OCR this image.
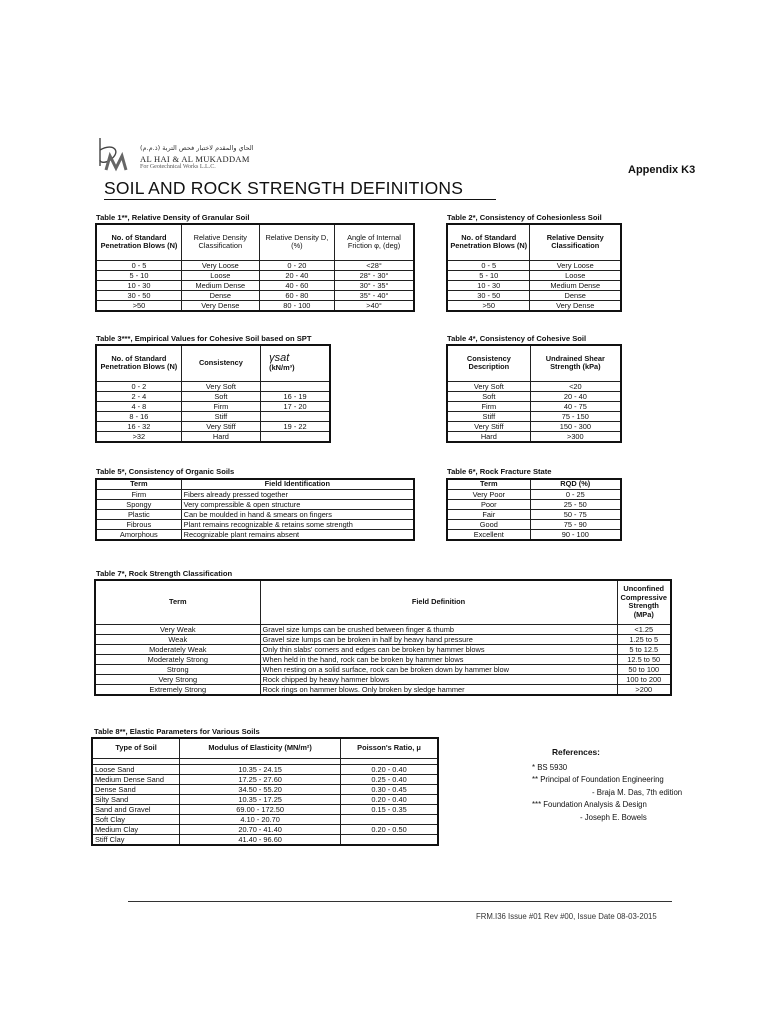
الحاي والمقدم لاختبار فحص التربة (ذ.م.م)
AL HAI & AL MUKADDAM
For Geotechnical Works L.L.C.	Appendix K3
SOIL AND ROCK STRENGTH DEFINITIONS
Table 1**, Relative Density of Granular Soil
No. of Standard Penetration Blows (N)	Relative Density Classification	Relative Density D, (%)	Angle of Internal Friction φ, (deg)
0 - 5	Very Loose	0 - 20	<28°
5 - 10	Loose	20 - 40	28° - 30°
10 - 30	Medium Dense	40 - 60	30° - 35°
30 - 50	Dense	60 - 80	35° - 40°
>50	Very Dense	80 - 100	>40°
Table 2*, Consistency of Cohesionless Soil
No. of Standard Penetration Blows (N)	Relative Density Classification
0 - 5	Very Loose
5 - 10	Loose
10 - 30	Medium Dense
30 - 50	Dense
>50	Very Dense
Table 3***, Empirical Values for Cohesive Soil based on SPT
No. of Standard Penetration Blows (N)	Consistency	γsat
(kN/m³)
0 - 2	Very Soft	
2 - 4	Soft	16 - 19
4 - 8	Firm	17 - 20
8 - 16	Stiff	
16 - 32	Very Stiff	19 - 22
>32	Hard	
Table 4*, Consistency of Cohesive Soil
Consistency Description	Undrained Shear Strength (kPa)
Very Soft	<20
Soft	20 - 40
Firm	40 - 75
Stiff	75 - 150
Very Stiff	150 - 300
Hard	>300
Table 5*, Consistency of Organic Soils
Term	Field Identification
Firm	Fibers already pressed together
Spongy	Very compressible & open structure
Plastic	Can be moulded in hand & smears on fingers
Fibrous	Plant remains recognizable & retains some strength
Amorphous	Recognizable plant remains absent
Table 6*, Rock Fracture State
Term	RQD (%)
Very Poor	0 - 25
Poor	25 - 50
Fair	50 - 75
Good	75 - 90
Excellent	90 - 100
Table 7*, Rock Strength Classification
Term	Field Definition	Unconfined Compressive Strength (MPa)
Very Weak	Gravel size lumps can be crushed between finger & thumb	<1.25
Weak	Gravel size lumps can be broken in half by heavy hand pressure	1.25 to 5
Moderately Weak	Only thin slabs' corners and edges can be broken by hammer blows	5 to 12.5
Moderately Strong	When held in the hand, rock can be broken by hammer blows	12.5 to 50
Strong	When resting on a solid surface, rock can be broken down by hammer blow	50 to 100
Very Strong	Rock chipped by heavy hammer blows	100 to 200
Extremely Strong	Rock rings on hammer blows. Only broken by sledge hammer	>200
Table 8**, Elastic Parameters for Various Soils
Type of Soil	Modulus of Elasticity (MN/m²)	Poisson's Ratio, μ

Loose Sand	10.35 - 24.15	0.20 - 0.40
Medium Dense Sand	17.25 - 27.60	0.25 - 0.40
Dense Sand	34.50 - 55.20	0.30 - 0.45
Silty Sand	10.35 - 17.25	0.20 - 0.40
Sand and Gravel	69.00 - 172.50	0.15 - 0.35
Soft Clay	4.10 - 20.70	
Medium Clay	20.70 - 41.40	0.20 - 0.50
Stiff Clay	41.40 - 96.60	
References:
* BS 5930
** Principal of Foundation Engineering
- Braja M. Das, 7th edition
*** Foundation Analysis & Design
- Joseph E. Bowels
FRM.I36 Issue #01 Rev #00, Issue Date 08-03-2015
